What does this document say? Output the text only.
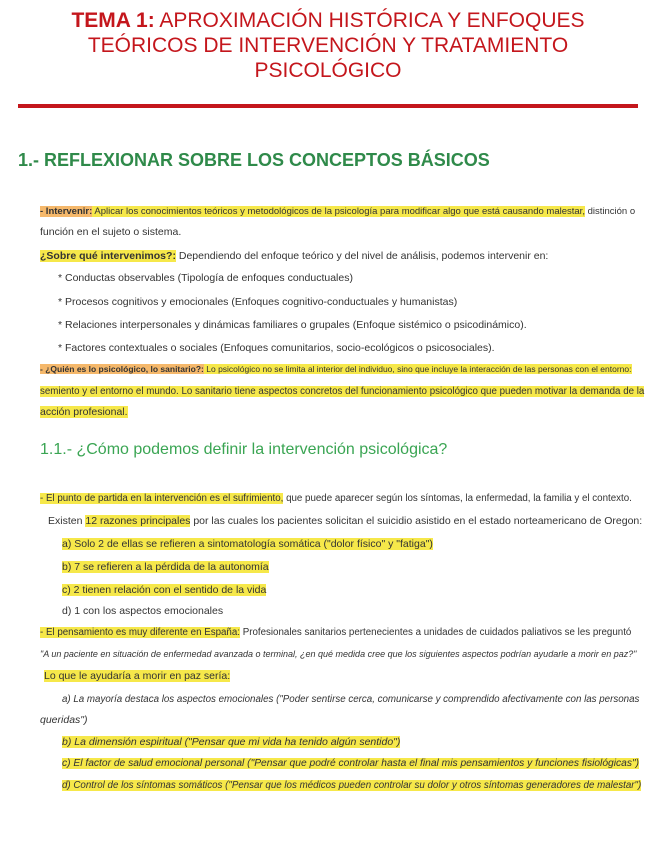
TEMA 1: APROXIMACIÓN HISTÓRICA Y ENFOQUES
TEÓRICOS DE INTERVENCIÓN Y TRATAMIENTO
PSICOLÓGICO
1.- REFLEXIONAR SOBRE LOS CONCEPTOS BÁSICOS
- Intervenir: Aplicar los conocimientos teóricos y metodológicos de la psicología para modificar algo que está causando malestar, distinción o
función en el sujeto o sistema.
¿Sobre qué intervenimos?: Dependiendo del enfoque teórico y del nivel de análisis, podemos intervenir en:
* Conductas observables (Tipología de enfoques conductuales)
* Procesos cognitivos y emocionales (Enfoques cognitivo-conductuales y humanistas)
* Relaciones interpersonales y dinámicas familiares o grupales (Enfoque sistémico o psicodinámico).
* Factores contextuales o sociales (Enfoques comunitarios, socio-ecológicos o psicosociales).
- ¿Quién es lo psicológico, lo sanitario?: Lo psicológico no se limita al interior del individuo, sino que incluye la interacción de las personas con el entorno:
semiento y el entorno el mundo. Lo sanitario tiene aspectos concretos del funcionamiento psicológico que pueden motivar la demanda de la
acción profesional.
1.1.- ¿Cómo podemos definir la intervención psicológica?
- El punto de partida en la intervención es el sufrimiento, que puede aparecer según los síntomas, la enfermedad, la familia y el contexto.
Existen 12 razones principales por las cuales los pacientes solicitan el suicidio asistido en el estado norteamericano de Oregon:
a) Solo 2 de ellas se refieren a sintomatología somática ("dolor físico" y "fatiga")
b) 7 se refieren a la pérdida de la autonomía
c) 2 tienen relación con el sentido de la vida
d) 1 con los aspectos emocionales
- El pensamiento es muy diferente en España: Profesionales sanitarios pertenecientes a unidades de cuidados paliativos se les preguntó
"A un paciente en situación de enfermedad avanzada o terminal, ¿en qué medida cree que los siguientes aspectos podrían ayudarle a morir en paz?"
Lo que le ayudaría a morir en paz sería:
a) La mayoría destaca los aspectos emocionales ("Poder sentirse cerca, comunicarse y comprendido afectivamente con las personas
queridas")
b) La dimensión espiritual ("Pensar que mi vida ha tenido algún sentido")
c) El factor de salud emocional personal ("Pensar que podré controlar hasta el final mis pensamientos y funciones fisiológicas")
d) Control de los síntomas somáticos ("Pensar que los médicos pueden controlar su dolor y otros síntomas generadores de malestar")
